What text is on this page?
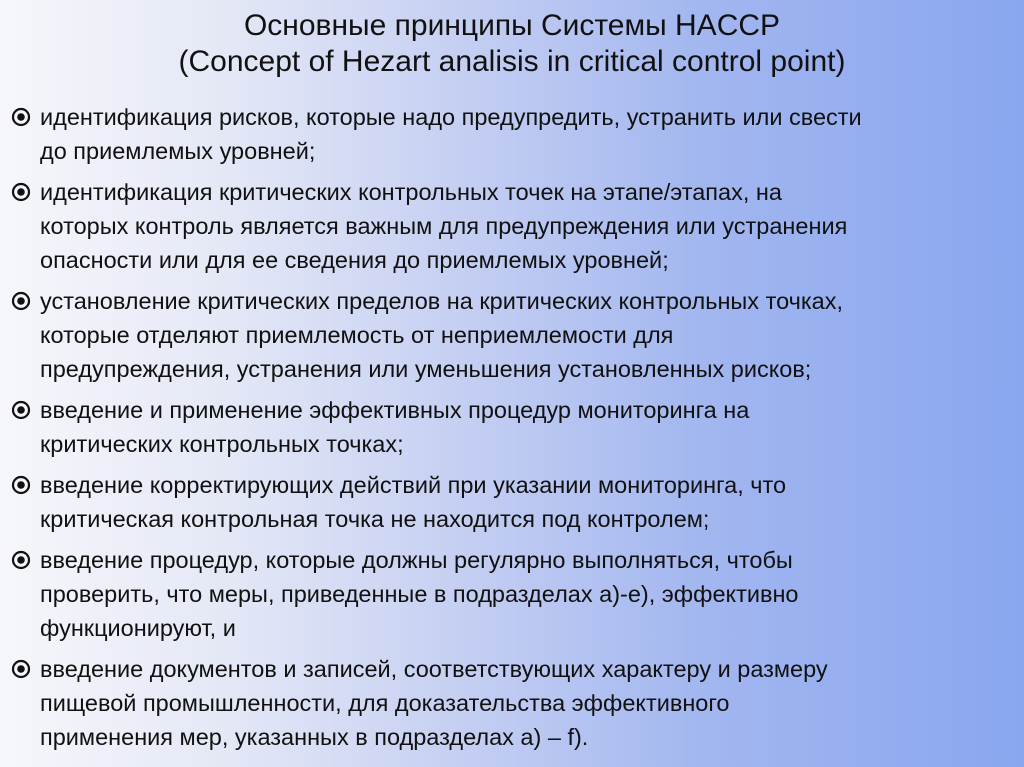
Основные принципы Системы HACCP
(Concept of Hezart analisis in critical control point)
идентификация рисков, которые надо предупредить, устранить или свести
до приемлемых уровней;
идентификация критических контрольных точек на этапе/этапах, на
которых контроль является важным для предупреждения или устранения
опасности или для ее сведения до приемлемых уровней;
установление критических пределов на критических контрольных точках,
которые отделяют приемлемость от неприемлемости для
предупреждения, устранения или уменьшения установленных рисков;
введение и применение эффективных процедур мониторинга на
критических контрольных точках;
введение корректирующих действий при указании мониторинга, что
критическая контрольная точка не находится под контролем;
введение процедур, которые должны регулярно выполняться, чтобы
проверить, что меры, приведенные в подразделах а)-е), эффективно
функционируют, и
введение документов и записей, соответствующих характеру и размеру
пищевой промышленности, для доказательства эффективного
применения мер, указанных в подразделах а) – f).
